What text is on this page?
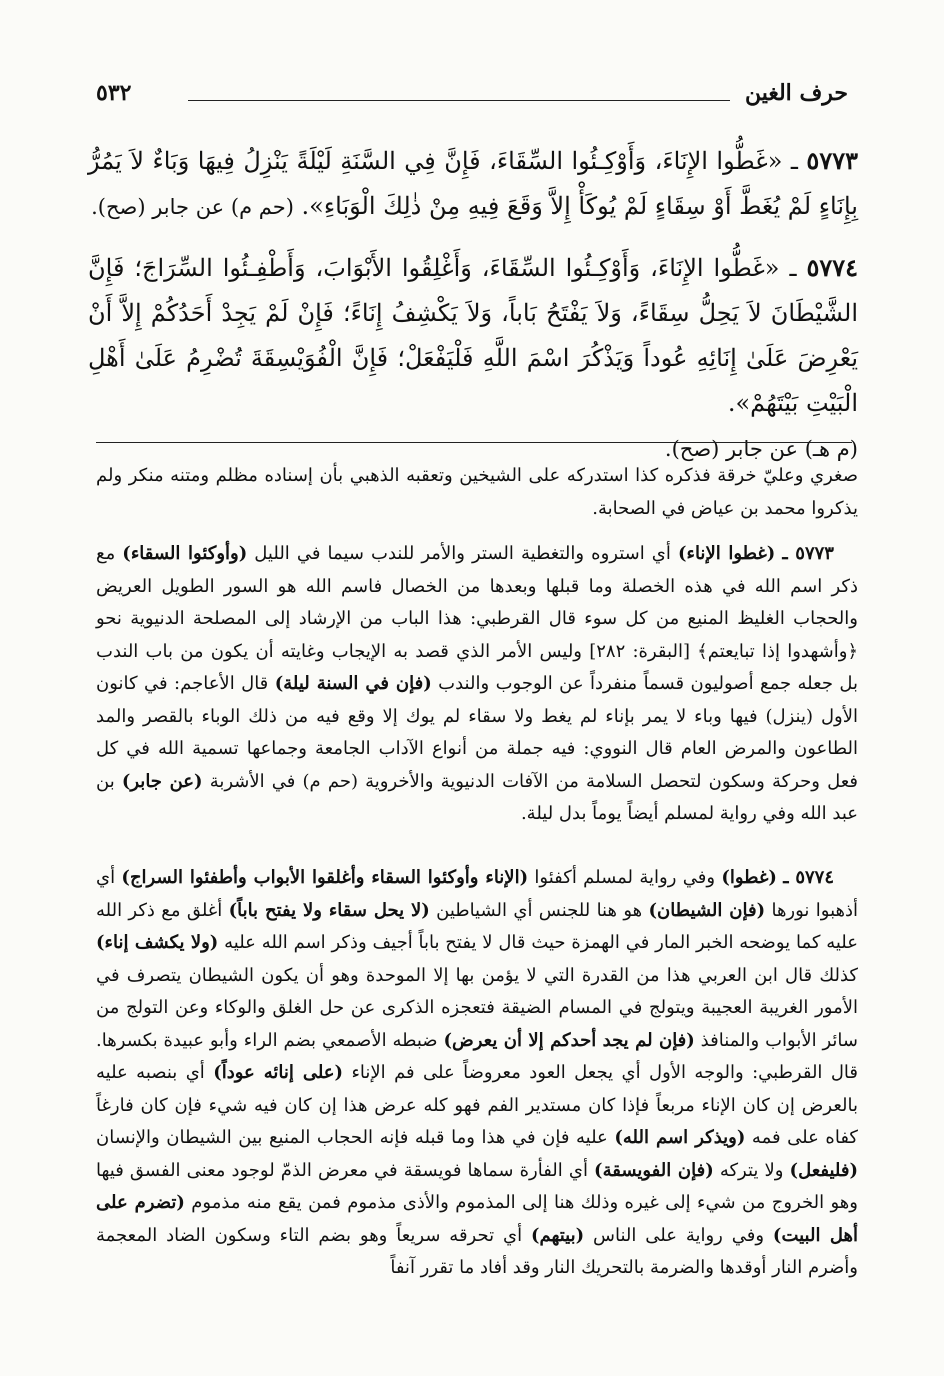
حرف الغين
٥٣٢
٥٧٧٣ ـ «غَطُّوا الإِنَاءَ، وَأَوْكِـئُوا السِّقَاءَ، فَإِنَّ فِي السَّنَةِ لَيْلَةً يَنْزِلُ فِيهَا وَبَاءٌ لاَ يَمُرُّ بِإِنَاءٍ لَمْ يُغَطَّ أَوْ سِقَاءٍ لَمْ يُوكَأْ إِلاَّ وَقَعَ فِيهِ مِنْ ذٰلِكَ الْوَبَاءِ». (حم م) عن جابر (صح).
٥٧٧٤ ـ «غَطُّوا الإِنَاءَ، وَأَوْكِـئُوا السِّقَاءَ، وَأَغْلِقُوا الأَبْوَابَ، وَأَطْفِـئُوا السِّرَاجَ؛ فَإِنَّ الشَّيْطَانَ لاَ يَحِلُّ سِقَاءً، وَلاَ يَفْتَحُ بَاباً، وَلاَ يَكْشِفُ إِنَاءً؛ فَإِنْ لَمْ يَجِدْ أَحَدُكُمْ إِلاَّ أَنْ يَعْرِضَ عَلَىٰ إِنَائِهِ عُوداً وَيَذْكُرَ اسْمَ اللَّهِ فَلْيَفْعَلْ؛ فَإِنَّ الْفُوَيْسِقَةَ تُضْرِمُ عَلَىٰ أَهْلِ الْبَيْتِ بَيْتَهُمْ».
(م هـ) عن جابر (صح).

صغري وعليّ خرقة فذكره كذا استدركه على الشيخين وتعقبه الذهبي بأن إسناده مظلم ومتنه منكر ولم يذكروا محمد بن عياض في الصحابة.

٥٧٧٣ ـ (غطوا الإناء) أي استروه والتغطية الستر والأمر للندب سيما في الليل (وأوكئوا السقاء) مع ذكر اسم الله في هذه الخصلة وما قبلها وبعدها من الخصال فاسم الله هو السور الطويل العريض والحجاب الغليظ المنيع من كل سوء قال القرطبي: هذا الباب من الإرشاد إلى المصلحة الدنيوية نحو ﴿وأشهدوا إذا تبايعتم﴾ [البقرة: ٢٨٢] وليس الأمر الذي قصد به الإيجاب وغايته أن يكون من باب الندب بل جعله جمع أصوليون قسماً منفرداً عن الوجوب والندب (فإن في السنة ليلة) قال الأعاجم: في كانون الأول (ينزل) فيها وباء لا يمر بإناء لم يغط ولا سقاء لم يوك إلا وقع فيه من ذلك الوباء بالقصر والمد الطاعون والمرض العام قال النووي: فيه جملة من أنواع الآداب الجامعة وجماعها تسمية الله في كل فعل وحركة وسكون لتحصل السلامة من الآفات الدنيوية والأخروية (حم م) في الأشربة (عن جابر) بن عبد الله وفي رواية لمسلم أيضاً يوماً بدل ليلة.

٥٧٧٤ ـ (غطوا) وفي رواية لمسلم أكفئوا (الإناء وأوكئوا السقاء وأغلقوا الأبواب وأطفئوا السراج) أي أذهبوا نورها (فإن الشيطان) هو هنا للجنس أي الشياطين (لا يحل سقاء ولا يفتح باباً) أغلق مع ذكر الله عليه كما يوضحه الخبر المار في الهمزة حيث قال لا يفتح باباً أجيف وذكر اسم الله عليه (ولا يكشف إناء) كذلك قال ابن العربي هذا من القدرة التي لا يؤمن بها إلا الموحدة وهو أن يكون الشيطان يتصرف في الأمور الغريبة العجيبة ويتولج في المسام الضيقة فتعجزه الذكرى عن حل الغلق والوكاء وعن التولج من سائر الأبواب والمنافذ (فإن لم يجد أحدكم إلا أن يعرض) ضبطه الأصمعي بضم الراء وأبو عبيدة بكسرها. قال القرطبي: والوجه الأول أي يجعل العود معروضاً على فم الإناء (على إنائه عوداً) أي بنصبه عليه بالعرض إن كان الإناء مربعاً فإذا كان مستدير الفم فهو كله عرض هذا إن كان فيه شيء فإن كان فارغاً كفاه على فمه (ويذكر اسم الله) عليه فإن في هذا وما قبله فإنه الحجاب المنيع بين الشيطان والإنسان (فليفعل) ولا يتركه (فإن الفويسقة) أي الفأرة سماها فويسقة في معرض الذمّ لوجود معنى الفسق فيها وهو الخروج من شيء إلى غيره وذلك هنا إلى المذموم والأذى مذموم فمن يقع منه مذموم (تضرم على أهل البيت) وفي رواية على الناس (بيتهم) أي تحرقه سريعاً وهو بضم التاء وسكون الضاد المعجمة وأضرم النار أوقدها والضرمة بالتحريك النار وقد أفاد ما تقرر آنفاً
